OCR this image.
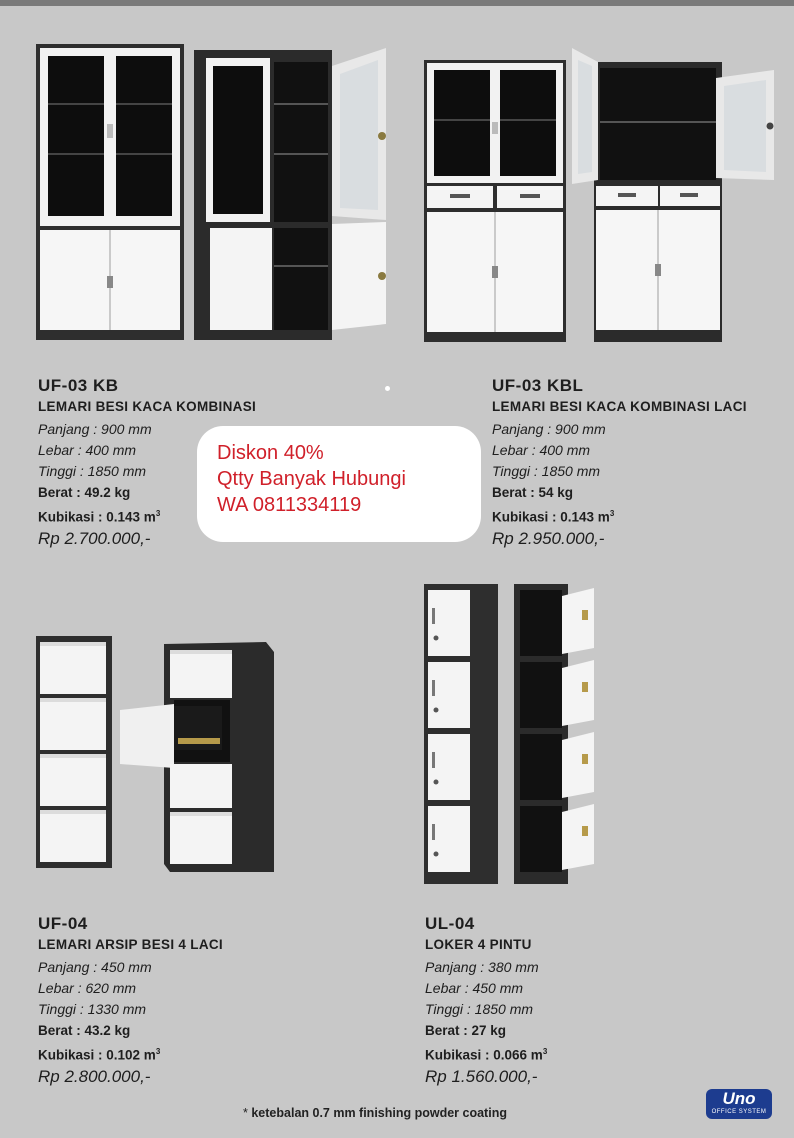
UF-03 KB
LEMARI BESI KACA KOMBINASI
Panjang : 900 mm
Lebar : 400 mm
Tinggi : 1850 mm
Berat : 49.2 kg
Kubikasi : 0.143 $m^3$
Rp 2.700.000,-
UF-03 KBL
LEMARI BESI KACA KOMBINASI LACI
Panjang : 900 mm
Lebar : 400 mm
Tinggi : 1850 mm
Berat : 54 kg
Kubikasi : 0.143 $m^3$
Rp 2.950.000,-
UF-04
LEMARI ARSIP BESI 4 LACI
Panjang : 450 mm
Lebar : 620 mm
Tinggi : 1330 mm
Berat : 43.2 kg
Kubikasi : 0.102 $m^3$
Rp 2.800.000,-
UL-04
LOKER 4 PINTU
Panjang : 380 mm
Lebar : 450 mm
Tinggi : 1850 mm
Berat : 27 kg
Kubikasi : 0.066 $m^3$
Rp 1.560.000,-
Diskon 40%
Qtty Banyak Hubungi
WA 0811334119
* ketebalan 0.7 mm finishing powder coating
Uno
OFFICE SYSTEM
